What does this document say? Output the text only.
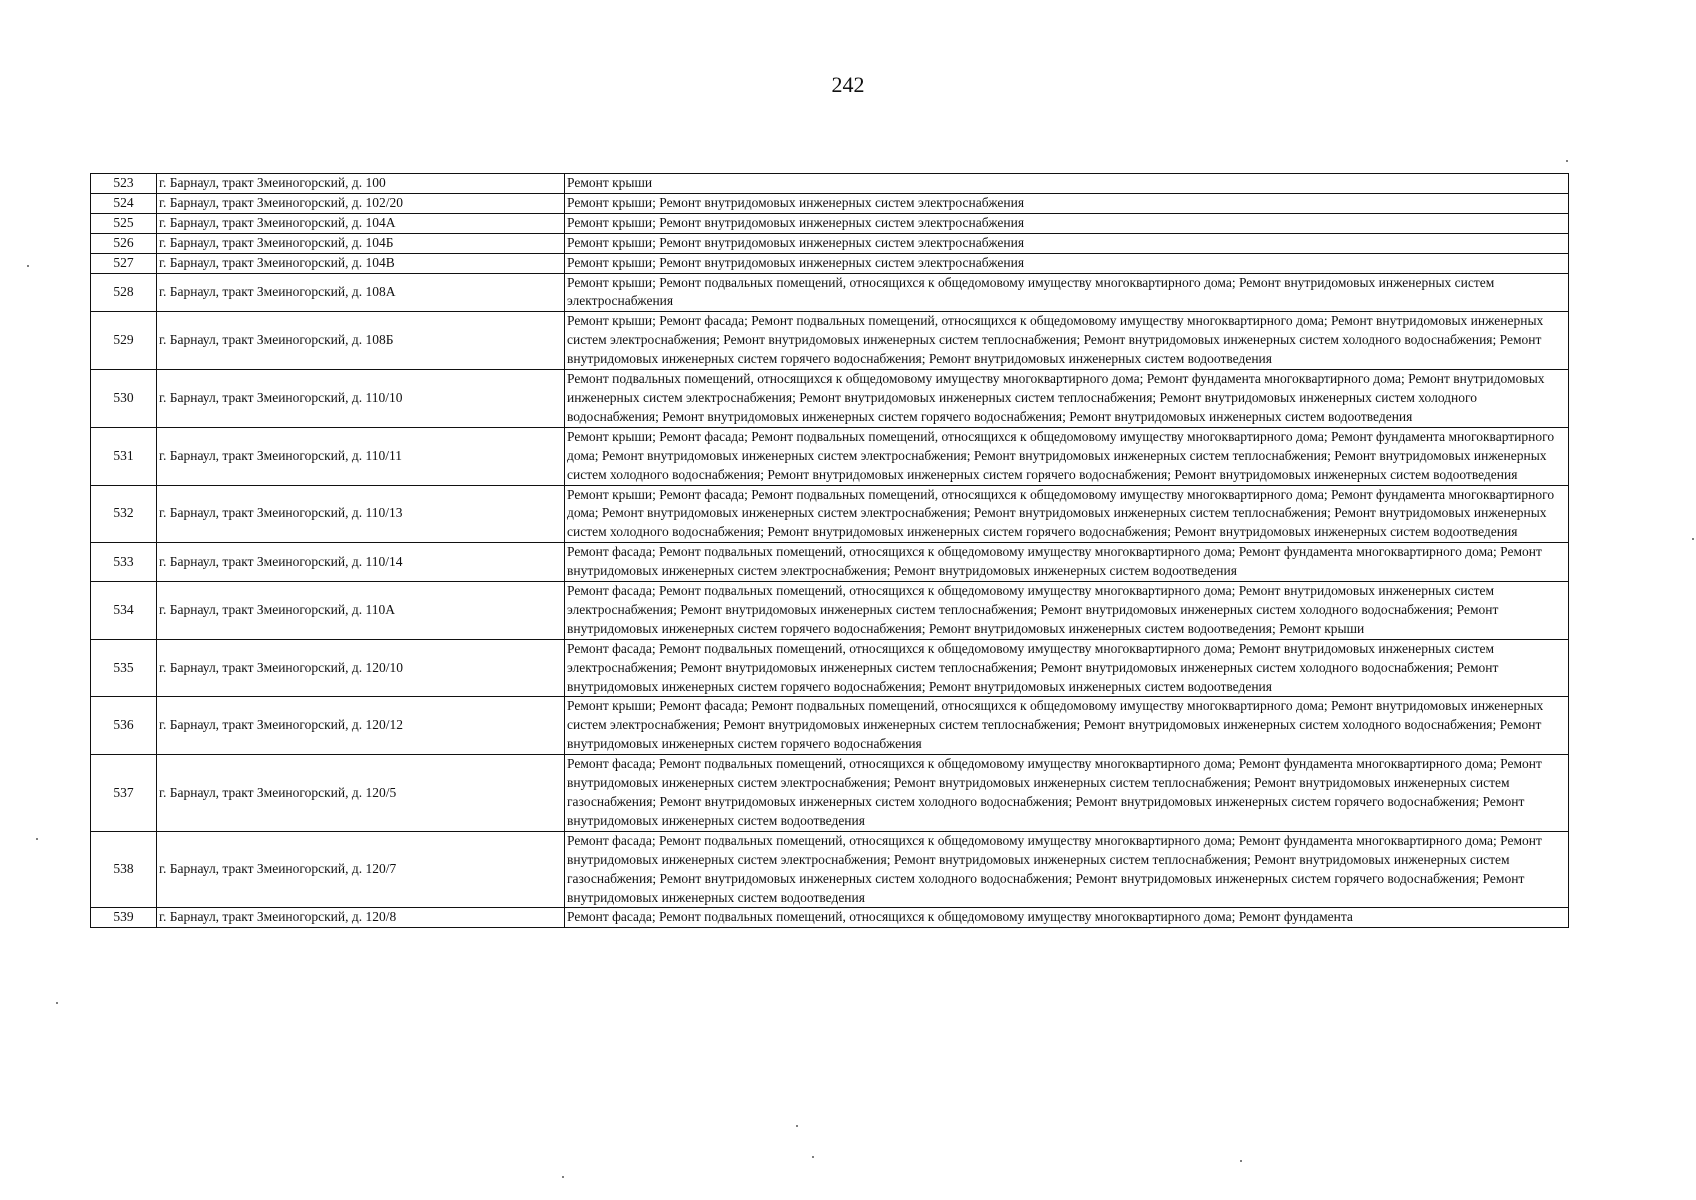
242
523	г. Барнаул, тракт Змеиногорский, д. 100	Ремонт крыши
524	г. Барнаул, тракт Змеиногорский, д. 102/20	Ремонт крыши; Ремонт внутридомовых инженерных систем электроснабжения
525	г. Барнаул, тракт Змеиногорский, д. 104А	Ремонт крыши; Ремонт внутридомовых инженерных систем электроснабжения
526	г. Барнаул, тракт Змеиногорский, д. 104Б	Ремонт крыши; Ремонт внутридомовых инженерных систем электроснабжения
527	г. Барнаул, тракт Змеиногорский, д. 104В	Ремонт крыши; Ремонт внутридомовых инженерных систем электроснабжения
528	г. Барнаул, тракт Змеиногорский, д. 108А	Ремонт крыши; Ремонт подвальных помещений, относящихся к общедомовому имуществу многоквартирного дома; Ремонт внутридомовых инженерных систем электроснабжения
529	г. Барнаул, тракт Змеиногорский, д. 108Б	Ремонт крыши; Ремонт фасада; Ремонт подвальных помещений, относящихся к общедомовому имуществу многоквартирного дома; Ремонт внутридомовых инженерных систем электроснабжения; Ремонт внутридомовых инженерных систем теплоснабжения; Ремонт внутридомовых инженерных систем холодного водоснабжения; Ремонт внутридомовых инженерных систем горячего водоснабжения; Ремонт внутридомовых инженерных систем водоотведения
530	г. Барнаул, тракт Змеиногорский, д. 110/10	Ремонт подвальных помещений, относящихся к общедомовому имуществу многоквартирного дома; Ремонт фундамента многоквартирного дома; Ремонт внутридомовых инженерных систем электроснабжения; Ремонт внутридомовых инженерных систем теплоснабжения; Ремонт внутридомовых инженерных систем холодного водоснабжения; Ремонт внутридомовых инженерных систем горячего водоснабжения; Ремонт внутридомовых инженерных систем водоотведения
531	г. Барнаул, тракт Змеиногорский, д. 110/11	Ремонт крыши; Ремонт фасада; Ремонт подвальных помещений, относящихся к общедомовому имуществу многоквартирного дома; Ремонт фундамента многоквартирного дома; Ремонт внутридомовых инженерных систем электроснабжения; Ремонт внутридомовых инженерных систем теплоснабжения; Ремонт внутридомовых инженерных систем холодного водоснабжения; Ремонт внутридомовых инженерных систем горячего водоснабжения; Ремонт внутридомовых инженерных систем водоотведения
532	г. Барнаул, тракт Змеиногорский, д. 110/13	Ремонт крыши; Ремонт фасада; Ремонт подвальных помещений, относящихся к общедомовому имуществу многоквартирного дома; Ремонт фундамента многоквартирного дома; Ремонт внутридомовых инженерных систем электроснабжения; Ремонт внутридомовых инженерных систем теплоснабжения; Ремонт внутридомовых инженерных систем холодного водоснабжения; Ремонт внутридомовых инженерных систем горячего водоснабжения; Ремонт внутридомовых инженерных систем водоотведения
533	г. Барнаул, тракт Змеиногорский, д. 110/14	Ремонт фасада; Ремонт подвальных помещений, относящихся к общедомовому имуществу многоквартирного дома; Ремонт фундамента многоквартирного дома; Ремонт внутридомовых инженерных систем электроснабжения; Ремонт внутридомовых инженерных систем водоотведения
534	г. Барнаул, тракт Змеиногорский, д. 110А	Ремонт фасада; Ремонт подвальных помещений, относящихся к общедомовому имуществу многоквартирного дома; Ремонт внутридомовых инженерных систем электроснабжения; Ремонт внутридомовых инженерных систем теплоснабжения; Ремонт внутридомовых инженерных систем холодного водоснабжения; Ремонт внутридомовых инженерных систем горячего водоснабжения; Ремонт внутридомовых инженерных систем водоотведения; Ремонт крыши
535	г. Барнаул, тракт Змеиногорский, д. 120/10	Ремонт фасада; Ремонт подвальных помещений, относящихся к общедомовому имуществу многоквартирного дома; Ремонт внутридомовых инженерных систем электроснабжения; Ремонт внутридомовых инженерных систем теплоснабжения; Ремонт внутридомовых инженерных систем холодного водоснабжения; Ремонт внутридомовых инженерных систем горячего водоснабжения; Ремонт внутридомовых инженерных систем водоотведения
536	г. Барнаул, тракт Змеиногорский, д. 120/12	Ремонт крыши; Ремонт фасада; Ремонт подвальных помещений, относящихся к общедомовому имуществу многоквартирного дома; Ремонт внутридомовых инженерных систем электроснабжения; Ремонт внутридомовых инженерных систем теплоснабжения; Ремонт внутридомовых инженерных систем холодного водоснабжения; Ремонт внутридомовых инженерных систем горячего водоснабжения
537	г. Барнаул, тракт Змеиногорский, д. 120/5	Ремонт фасада; Ремонт подвальных помещений, относящихся к общедомовому имуществу многоквартирного дома; Ремонт фундамента многоквартирного дома; Ремонт внутридомовых инженерных систем электроснабжения; Ремонт внутридомовых инженерных систем теплоснабжения; Ремонт внутридомовых инженерных систем газоснабжения; Ремонт внутридомовых инженерных систем холодного водоснабжения; Ремонт внутридомовых инженерных систем горячего водоснабжения; Ремонт внутридомовых инженерных систем водоотведения
538	г. Барнаул, тракт Змеиногорский, д. 120/7	Ремонт фасада; Ремонт подвальных помещений, относящихся к общедомовому имуществу многоквартирного дома; Ремонт фундамента многоквартирного дома; Ремонт внутридомовых инженерных систем электроснабжения; Ремонт внутридомовых инженерных систем теплоснабжения; Ремонт внутридомовых инженерных систем газоснабжения; Ремонт внутридомовых инженерных систем холодного водоснабжения; Ремонт внутридомовых инженерных систем горячего водоснабжения; Ремонт внутридомовых инженерных систем водоотведения
539	г. Барнаул, тракт Змеиногорский, д. 120/8	Ремонт фасада; Ремонт подвальных помещений, относящихся к общедомовому имуществу многоквартирного дома; Ремонт фундамента
